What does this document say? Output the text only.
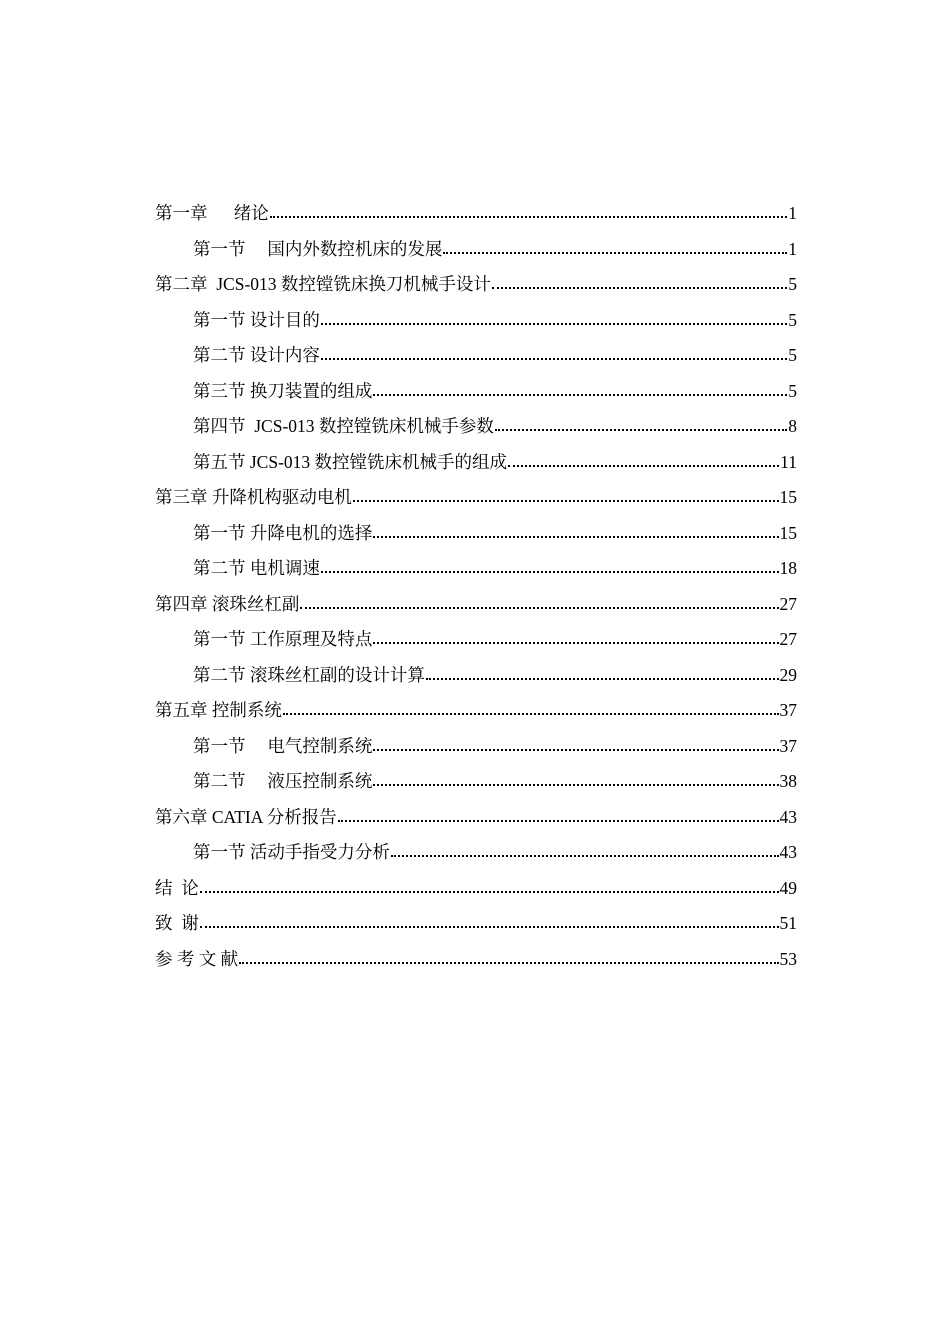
第一章　  绪论	1
第一节　 国内外数控机床的发展	1
第二章  JCS-013 数控镗铣床换刀机械手设计	5
第一节 设计目的	5
第二节 设计内容	5
第三节 换刀装置的组成	5
第四节  JCS-013 数控镗铣床机械手参数	8
第五节 JCS-013 数控镗铣床机械手的组成	11
第三章 升降机构驱动电机	15
第一节 升降电机的选择	15
第二节 电机调速	18
第四章 滚珠丝杠副	27
第一节 工作原理及特点	27
第二节 滚珠丝杠副的设计计算	29
第五章 控制系统	37
第一节　 电气控制系统	37
第二节　 液压控制系统	38
第六章 CATIA 分析报告	43
第一节 活动手指受力分析	43
结  论	49
致  谢	51
参 考 文 献	53
